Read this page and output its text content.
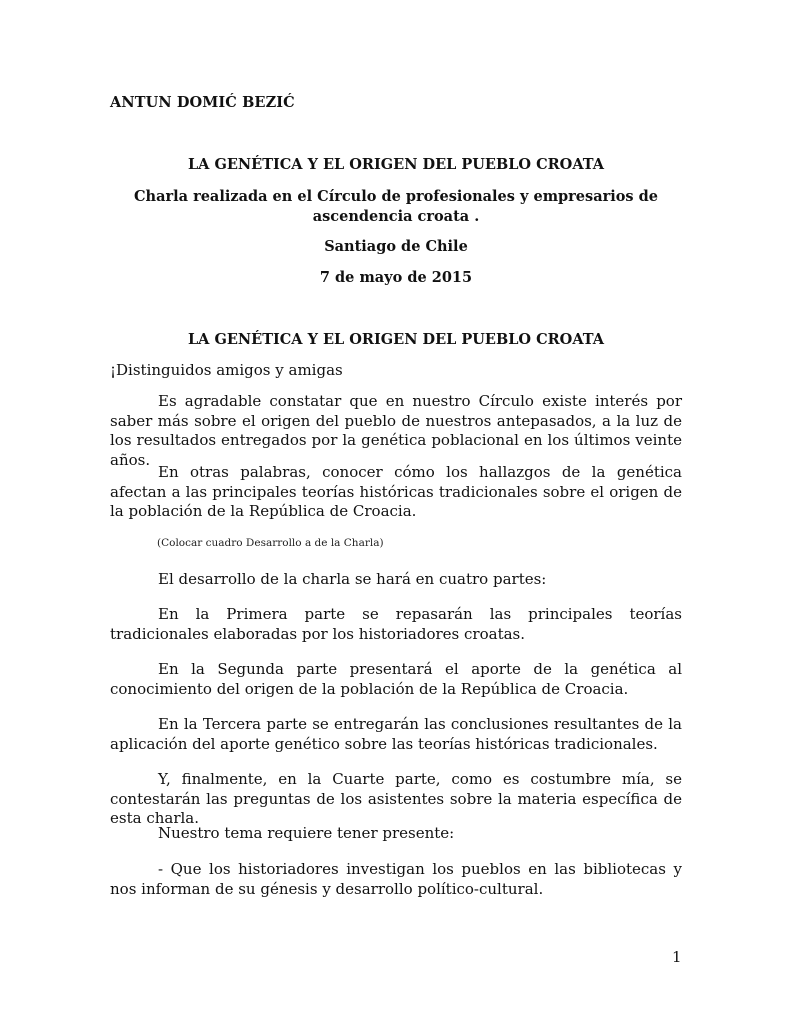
ANTUN DOMIĆ BEZIĆ
LA GENÉTICA Y EL ORIGEN DEL PUEBLO CROATA
Charla realizada en el Círculo de profesionales y empresarios de ascendencia croata .
Santiago de Chile
7 de mayo de 2015
LA GENÉTICA Y EL ORIGEN DEL PUEBLO CROATA
¡Distinguidos amigos y amigas

Es agradable constatar que en nuestro Círculo existe interés por saber más sobre el origen del pueblo de nuestros antepasados, a la luz de los resultados entregados por la genética poblacional en los últimos veinte años.

En otras palabras, conocer cómo los hallazgos de la genética afectan a las principales teorías históricas tradicionales sobre el origen de la población de la República de Croacia.

(Colocar cuadro Desarrollo a de la Charla)

El desarrollo de la charla se hará en cuatro partes:

En la Primera parte se repasarán las principales teorías tradicionales elaboradas por los historiadores croatas.

En la Segunda parte presentará el aporte de la genética al conocimiento del origen de la población de la República de Croacia.

En la Tercera parte se entregarán las conclusiones resultantes de la aplicación del aporte genético sobre las teorías históricas tradicionales.

Y, finalmente, en la Cuarte parte, como es costumbre mía, se contestarán las preguntas de los asistentes sobre la materia específica de esta charla.

Nuestro tema requiere tener presente:

- Que los historiadores investigan los pueblos en las bibliotecas y nos informan de su génesis y desarrollo político-cultural.

1
